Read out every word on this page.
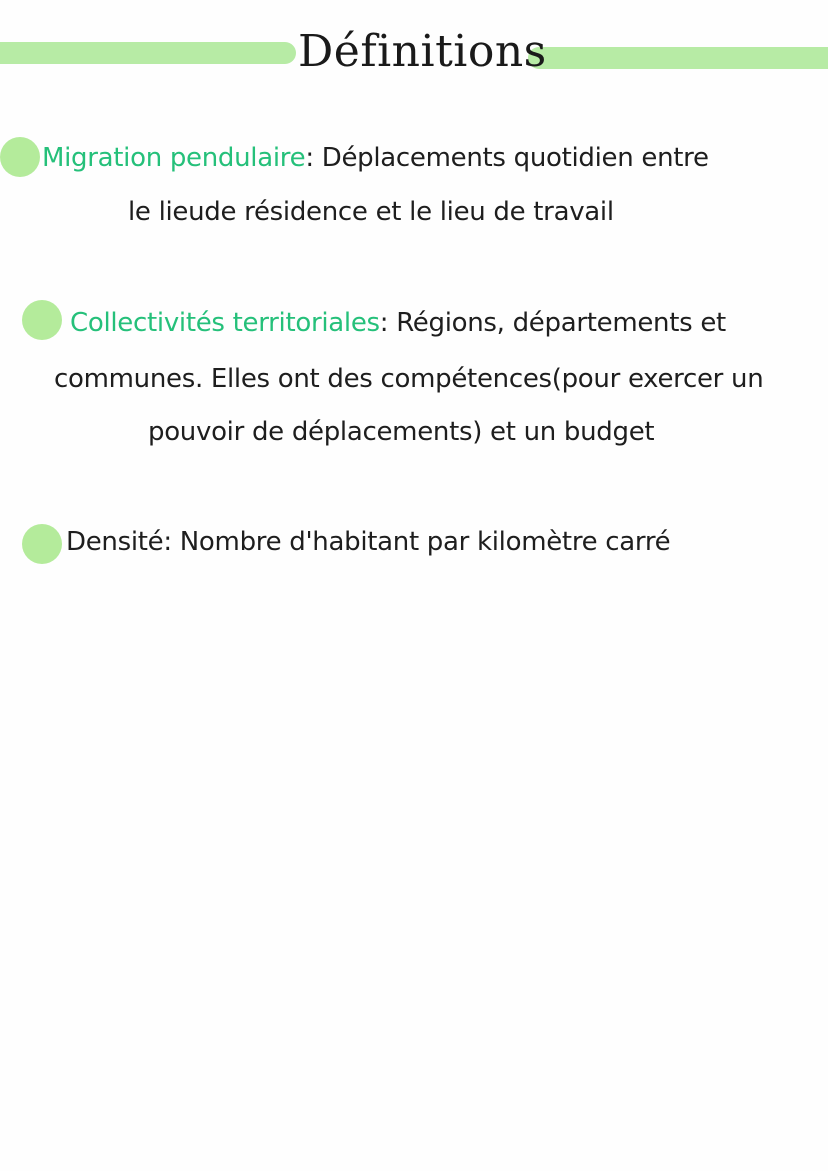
Définitions
Migration pendulaire: Déplacements quotidien entre
le lieude résidence et le lieu de travail
Collectivités territoriales: Régions, départements et
communes. Elles ont des compétences(pour exercer un
pouvoir de déplacements) et un budget
Densité: Nombre d'habitant par kilomètre carré
